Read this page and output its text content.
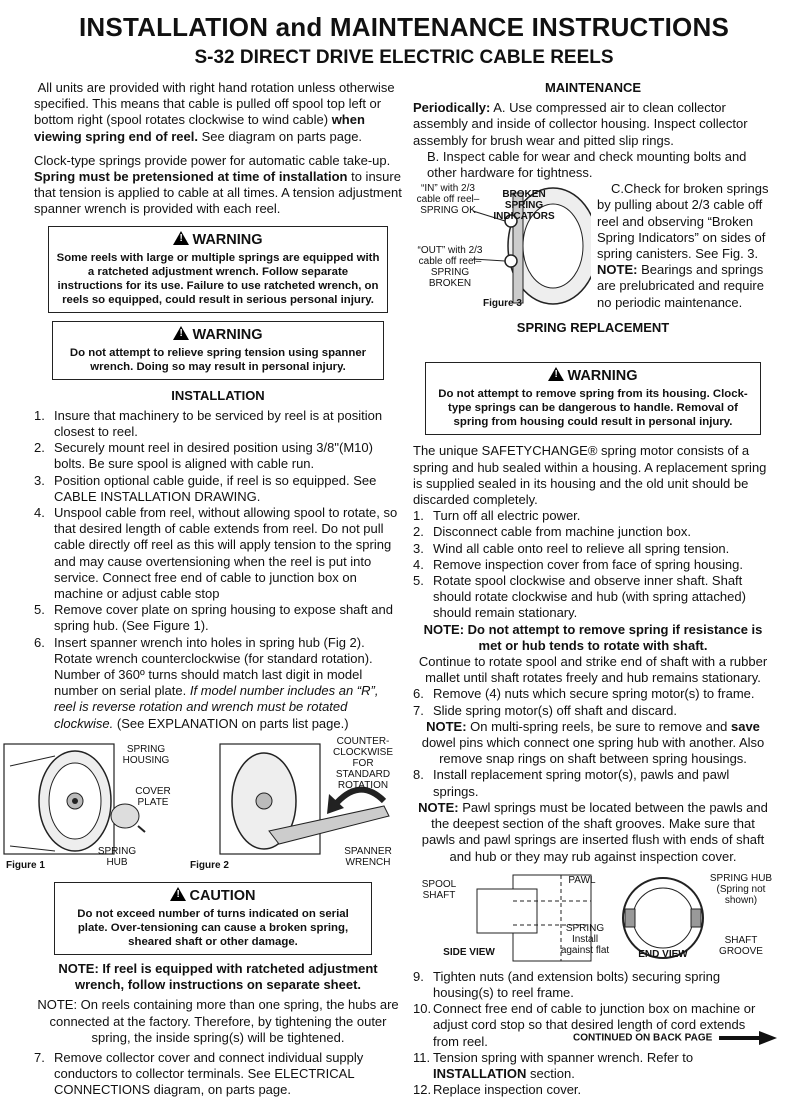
INSTALLATION and MAINTENANCE INSTRUCTIONS
S-32 DIRECT DRIVE ELECTRIC CABLE REELS

All units are provided with right hand rotation unless otherwise specified. This means that cable is pulled off spool top left or bottom right (spool rotates clockwise to wind cable) when viewing spring end of reel. See diagram on parts page.

Clock-type springs provide power for automatic cable take-up. Spring must be pretensioned at time of installation to insure that tension is applied to cable at all times. A tension adjustment spanner wrench is provided with each reel.

! WARNING
Some reels with large or multiple springs are equipped with a ratcheted adjustment wrench. Follow separate instructions for its use. Failure to use ratcheted wrench, on reels so equipped, could result in serious personal injury.
! WARNING
Do not attempt to relieve spring tension using spanner wrench. Doing so may result in personal injury.
INSTALLATION
1. Insure that machinery to be serviced by reel is at position closest to reel.
2. Securely mount reel in desired position using 3/8"(M10) bolts. Be sure spool is aligned with cable run.
3. Position optional cable guide, if reel is so equipped. See CABLE INSTALLATION DRAWING.
4. Unspool cable from reel, without allowing spool to rotate, so that desired length of cable extends from reel. Do not pull cable directly off reel as this will apply tension to the spring and may cause overtensioning when the reel is put into service. Connect free end of cable to junction box on machine or adjust cable stop
5. Remove cover plate on spring housing to expose shaft and spring hub. (See Figure 1).
6. Insert spanner wrench into holes in spring hub (Fig 2). Rotate wrench counterclockwise (for standard rotation). Number of 360º turns should match last digit in model number on serial plate. If model number includes an “R”, reel is reverse rotation and wrench must be rotated clockwise. (See EXPLANATION on parts list page.)
Figure 1
SPRING HOUSING
COVER PLATE
SPRING HUB	Figure 2
COUNTER-CLOCKWISE FOR STANDARD ROTATION
SPANNER WRENCH
! CAUTION
Do not exceed number of turns indicated on serial plate. Over-tensioning can cause a broken spring, sheared shaft or other damage.

NOTE: If reel is equipped with ratcheted adjustment wrench, follow instructions on separate sheet.

NOTE: On reels containing more than one spring, the hubs are connected at the factory. Therefore, by tightening the outer spring, the inside spring(s) will be tightened.

7. Remove collector cover and connect individual supply conductors to collector terminals. See ELECTRICAL CONNECTIONS diagram, on parts page.
MAINTENANCE

Periodically: A. Use compressed air to clean collector assembly and inside of collector housing. Inspect collector assembly for brush wear and pitted slip rings.

B. Inspect cable for wear and check mounting bolts and other hardware for tightness.

“IN” with 2/3 cable off reel– SPRING OK
BROKEN SPRING INDICATORS
“OUT” with 2/3 cable off reel– SPRING BROKEN
Figure 3
C.Check for broken springs by pulling about 2/3 cable off reel and observing “Broken Spring Indicators” on sides of spring canisters. See Fig. 3.
NOTE: Bearings and springs are prelubricated and require no periodic maintenance.
SPRING REPLACEMENT
! WARNING
Do not attempt to remove spring from its housing. Clock-type springs can be dangerous to handle. Removal of spring from housing could result in personal injury.

The unique SAFETYCHANGE® spring motor consists of a spring and hub sealed within a housing. A replacement spring is supplied sealed in its housing and the old unit should be discarded completely.

1. Turn off all electric power.
2. Disconnect cable from machine junction box.
3. Wind all cable onto reel to relieve all spring tension.
4. Remove inspection cover from face of spring housing.
5. Rotate spool clockwise and observe inner shaft. Shaft should rotate clockwise and hub (with spring attached) should remain stationary.
NOTE: Do not attempt to remove spring if resistance is met or hub tends to rotate with shaft.
Continue to rotate spool and strike end of shaft with a rubber mallet until shaft rotates freely and hub remains stationary.
6. Remove (4) nuts which secure spring motor(s) to frame.
7. Slide spring motor(s) off shaft and discard.
NOTE: On multi-spring reels, be sure to remove and save dowel pins which connect one spring hub with another. Also remove snap rings on shaft between spring housings.
8. Install replacement spring motor(s), pawls and pawl springs.
NOTE: Pawl springs must be located between the pawls and the deepest section of the shaft grooves. Make sure that pawls and pawl springs are inserted flush with ends of shaft and hub or they may rub against inspection cover.
SPOOL SHAFT
SIDE VIEW
PAWL
SPRING Install against flat	END VIEW
SPRING HUB (Spring not shown)
SHAFT GROOVE
9. Tighten nuts (and extension bolts) securing spring housing(s) to reel frame.
10. Connect free end of cable to junction box on machine or adjust cord stop so that desired length of cord extends from reel.
11. Tension spring with spanner wrench. Refer to INSTALLATION section.
12. Replace inspection cover.
CONTINUED ON BACK PAGE
